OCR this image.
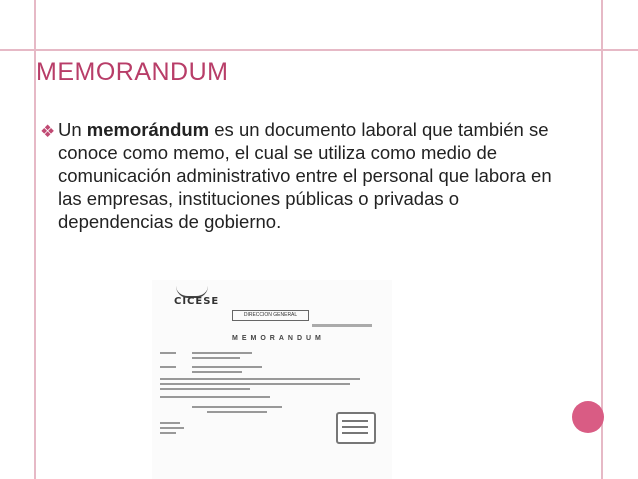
MEMORANDUM
❖ Un memorándum es un documento laboral que también se conoce como memo, el cual se utiliza como medio de comunicación administrativo entre el personal que labora en las empresas, instituciones públicas o privadas o dependencias de gobierno.
CICESE
DIRECCION GENERAL
MEMORANDUM
